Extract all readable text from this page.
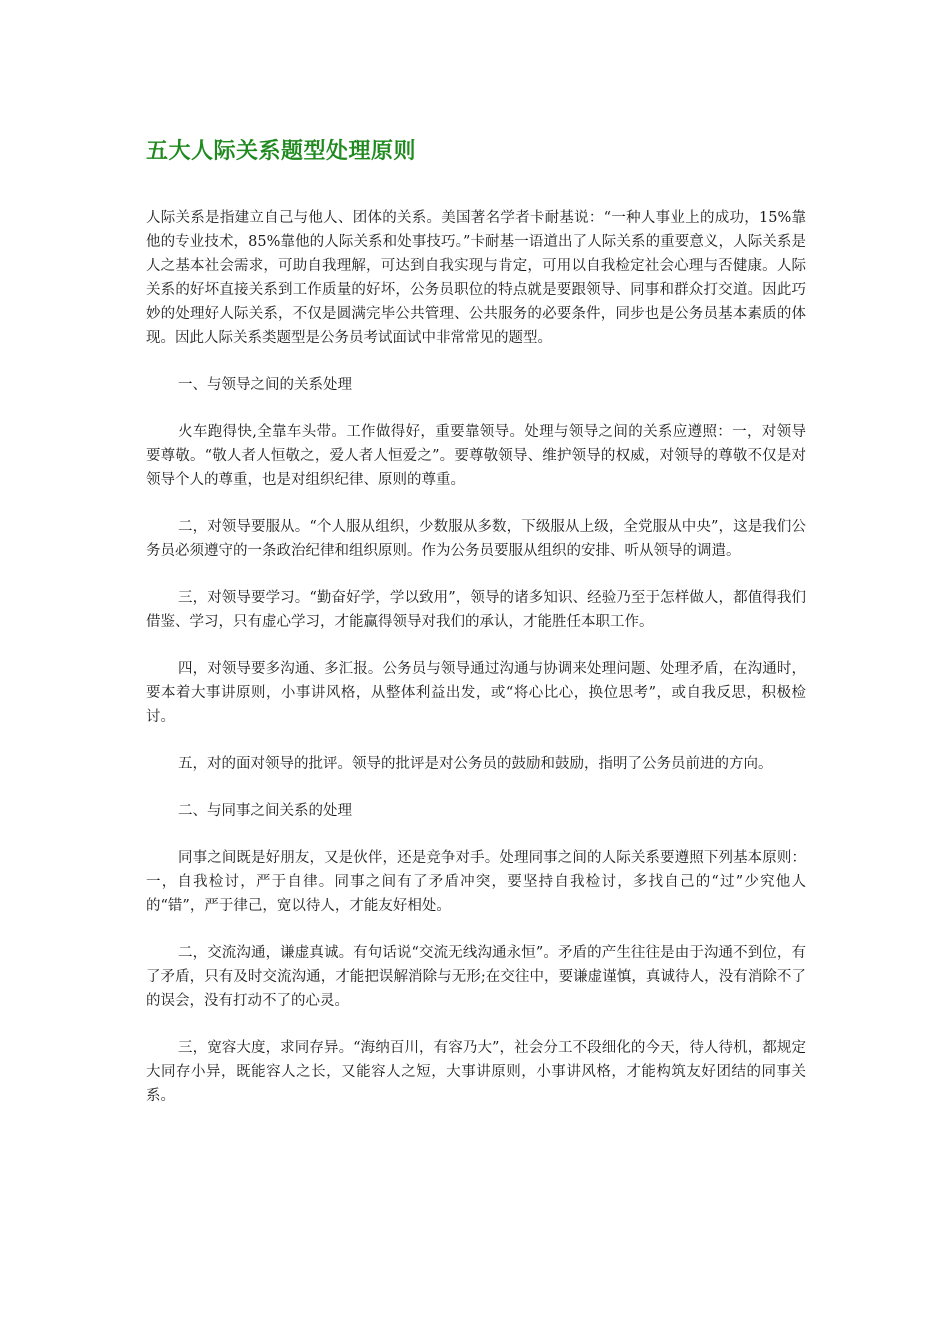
五大人际关系题型处理原则

人际关系是指建立自己与他人、团体的关系。美国著名学者卡耐基说：“一种人事业上的成功，15%靠他的专业技术，85%靠他的人际关系和处事技巧。”卡耐基一语道出了人际关系的重要意义，人际关系是人之基本社会需求，可助自我理解，可达到自我实现与肯定，可用以自我检定社会心理与否健康。人际关系的好坏直接关系到工作质量的好坏，公务员职位的特点就是要跟领导、同事和群众打交道。因此巧妙的处理好人际关系，不仅是圆满完毕公共管理、公共服务的必要条件，同步也是公务员基本素质的体现。因此人际关系类题型是公务员考试面试中非常常见的题型。

一、与领导之间的关系处理

火车跑得快,全靠车头带。工作做得好，重要靠领导。处理与领导之间的关系应遵照：一，对领导要尊敬。“敬人者人恒敬之，爱人者人恒爱之”。要尊敬领导、维护领导的权威，对领导的尊敬不仅是对领导个人的尊重，也是对组织纪律、原则的尊重。

二，对领导要服从。“个人服从组织，少数服从多数，下级服从上级，全党服从中央”，这是我们公务员必须遵守的一条政治纪律和组织原则。作为公务员要服从组织的安排、听从领导的调遣。

三，对领导要学习。“勤奋好学，学以致用”，领导的诸多知识、经验乃至于怎样做人，都值得我们借鉴、学习，只有虚心学习，才能赢得领导对我们的承认，才能胜任本职工作。

四，对领导要多沟通、多汇报。公务员与领导通过沟通与协调来处理问题、处理矛盾，在沟通时，要本着大事讲原则，小事讲风格，从整体利益出发，或“将心比心，换位思考”，或自我反思，积极检讨。

五，对的面对领导的批评。领导的批评是对公务员的鼓励和鼓励，指明了公务员前进的方向。

二、与同事之间关系的处理

同事之间既是好朋友，又是伙伴，还是竞争对手。处理同事之间的人际关系要遵照下列基本原则：一，自我检讨，严于自律。同事之间有了矛盾冲突，要坚持自我检讨，多找自己的“过”少究他人的“错”，严于律己，宽以待人，才能友好相处。

二，交流沟通，谦虚真诚。有句话说“交流无线沟通永恒”。矛盾的产生往往是由于沟通不到位，有了矛盾，只有及时交流沟通，才能把误解消除与无形;在交往中，要谦虚谨慎，真诚待人，没有消除不了的误会，没有打动不了的心灵。

三，宽容大度，求同存异。“海纳百川，有容乃大”，社会分工不段细化的今天，待人待机，都规定大同存小异，既能容人之长，又能容人之短，大事讲原则，小事讲风格，才能构筑友好团结的同事关系。
